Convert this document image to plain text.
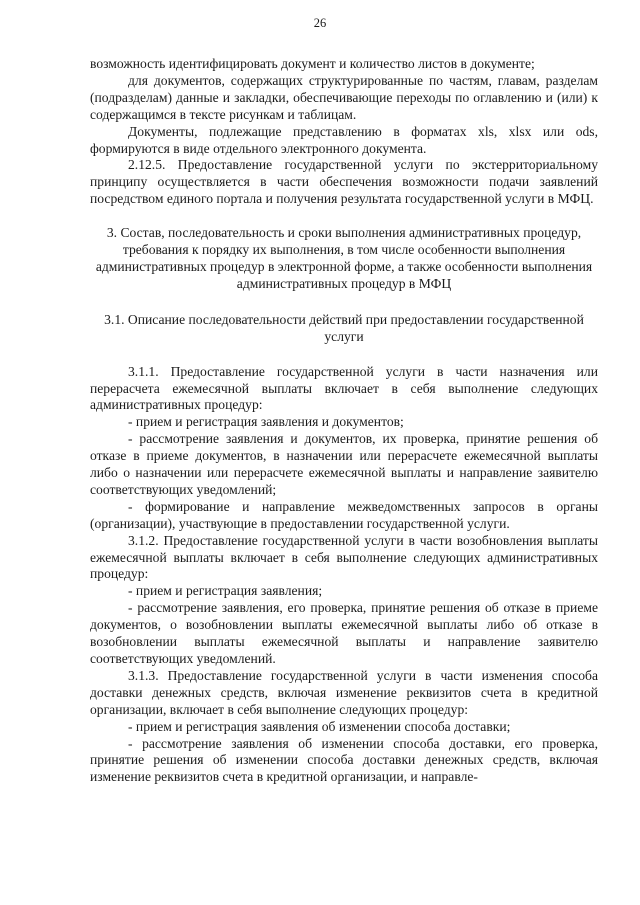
26

возможность идентифицировать документ и количество листов в документе;

для документов, содержащих структурированные по частям, главам, разделам (подразделам) данные и закладки, обеспечивающие переходы по оглавлению и (или) к содержащимся в тексте рисункам и таблицам.

Документы, подлежащие представлению в форматах xls, xlsx или ods, формируются в виде отдельного электронного документа.

2.12.5. Предоставление государственной услуги по экстерриториальному принципу осуществляется в части обеспечения возможности подачи заявлений посредством единого портала и получения результата государственной услуги в МФЦ.

3. Состав, последовательность и сроки выполнения административных процедур, требования к порядку их выполнения, в том числе особенности выполнения административных процедур в электронной форме, а также особенности выполнения административных процедур в МФЦ

3.1. Описание последовательности действий при предоставлении государственной услуги

3.1.1. Предоставление государственной услуги в части назначения или перерасчета ежемесячной выплаты включает в себя выполнение следующих административных процедур:

- прием и регистрация заявления и документов;

- рассмотрение заявления и документов, их проверка, принятие решения об отказе в приеме документов, в назначении или перерасчете ежемесячной выплаты либо о назначении или перерасчете ежемесячной выплаты и направление заявителю соответствующих уведомлений;

- формирование и направление межведомственных запросов в органы (организации), участвующие в предоставлении государственной услуги.

3.1.2. Предоставление государственной услуги в части возобновления выплаты ежемесячной выплаты включает в себя выполнение следующих административных процедур:

- прием и регистрация заявления;

- рассмотрение заявления, его проверка, принятие решения об отказе в приеме документов, о возобновлении выплаты ежемесячной выплаты либо об отказе в возобновлении выплаты ежемесячной выплаты и направление заявителю соответствующих уведомлений.

3.1.3. Предоставление государственной услуги в части изменения способа доставки денежных средств, включая изменение реквизитов счета в кредитной организации, включает в себя выполнение следующих процедур:

- прием и регистрация заявления об изменении способа доставки;

- рассмотрение заявления об изменении способа доставки, его проверка, принятие решения об изменении способа доставки денежных средств, включая изменение реквизитов счета в кредитной организации, и направле-
